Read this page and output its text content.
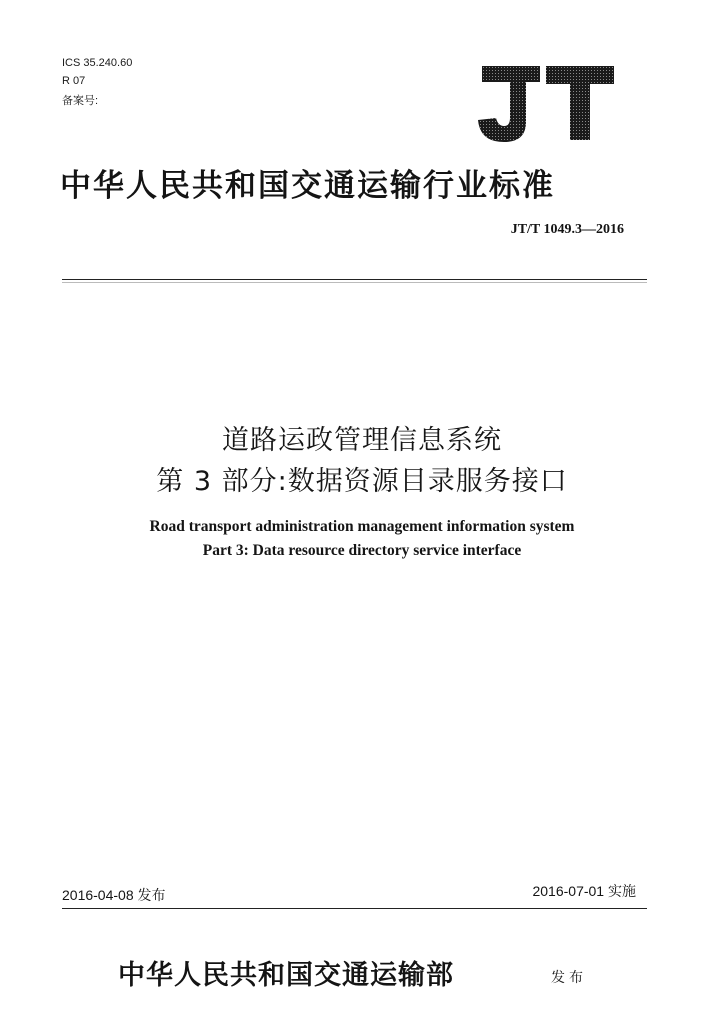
ICS 35.240.60
R 07
备案号:
中华人民共和国交通运输行业标准
JT/T 1049.3—2016
道路运政管理信息系统
第 3 部分:数据资源目录服务接口
Road transport administration management information system
Part 3: Data resource directory service interface
2016-04-08 发布	2016-07-01 实施
中华人民共和国交通运输部	发布
